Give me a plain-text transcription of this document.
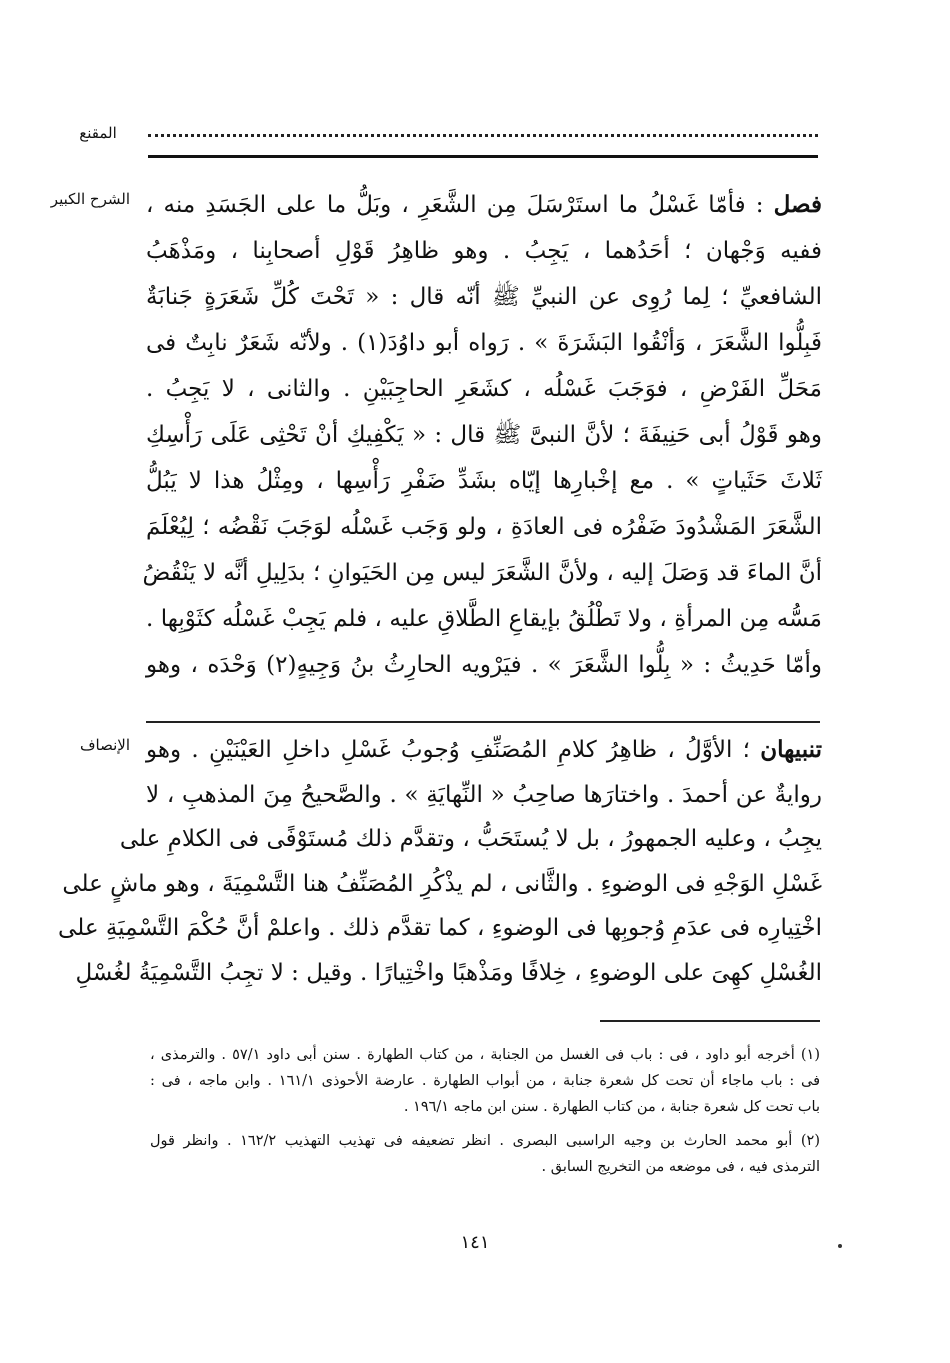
المقنع
الشرح الكبير	فصل : فأمّا غَسْلُ ما استَرْسَلَ مِن الشَّعَرِ ، وبَلُّ ما على الجَسَدِ منه ،
ففيه وَجْهان ؛ أحَدُهما ، يَجِبُ . وهو ظاهِرُ قَوْلِ أصحابِنا ، ومَذْهَبُ
الشافعيِّ ؛ لِما رُوِى عن النبيِّ ﷺ أنّه قال : « تَحْتَ كُلِّ شَعَرَةٍ جَنابَةٌ
فَبِلُّوا الشَّعَرَ ، وَأنْقُوا البَشَرَةَ » . رَواه أبو داوُدَ(١) . ولأنّه شَعَرٌ نابِتٌ فى
مَحَلِّ الفَرْضِ ، فوَجَبَ غَسْلُه ، كشَعَرِ الحاجِبَيْنِ . والثانى ، لا يَجِبُ .
وهو قَوْلُ أبى حَنِيفَةَ ؛ لأنَّ النبىَّ ﷺ قال : « يَكْفِيكِ أنْ تَحْثِى عَلَى رَأْسِكِ
ثَلاثَ حَثَياتٍ » . مع إخْبارِها إيّاه بشَدِّ ضَفْرِ رَأْسِها ، ومِثْلُ هذا لا يَبُلُّ
الشَّعَرَ المَشْدُودَ ضَفْرُه فى العادَةِ ، ولو وَجَب غَسْلُه لوَجَبَ نَقْضُه ؛ لِيُعْلَمَ
أنَّ الماءَ قد وَصَلَ إليه ، ولأنَّ الشَّعَرَ ليس مِن الحَيَوانِ ؛ بدَلِيلِ أنَّه لا يَنْقُضُ
مَسُّه مِن المرأةِ ، ولا تَطْلُقُ بإيقاعِ الطَّلاقِ عليه ، فلم يَجِبْ غَسْلُه كثَوْبِها .
وأمّا حَدِيثُ : « بِلُّوا الشَّعَرَ » . فيَرْويه الحارِثُ بنُ وَجِيهٍ(٢) وَحْدَه ، وهو
الإنصاف	تنبيهان ؛ الأوَّلُ ، ظاهِرُ كلامِ المُصَنِّفِ وُجوبُ غَسْلِ داخلِ العَيْنَيْنِ . وهو
روايةٌ عن أحمدَ . واختارَها صاحِبُ « النِّهايَةِ » . والصَّحيحُ مِنَ المذهبِ ، لا
يجِبُ ، وعليه الجمهورُ ، بل لا يُستَحَبُّ ، وتقدَّم ذلك مُستَوْفًى فى الكلامِ على
غَسْلِ الوَجْهِ فى الوضوءِ . والثَّانى ، لم يذْكُرِ المُصَنِّفُ هنا التَّسْمِيَةَ ، وهو ماشٍ على
اخْتِيارِه فى عدَمِ وُجوبِها فى الوضوءِ ، كما تقدَّم ذلك . واعلمْ أنَّ حُكْمَ التَّسْمِيَةِ على
الغُسْلِ كهِىَ على الوضوءِ ، خِلافًا ومَذْهبًا واخْتِيارًا . وقيل : لا تجِبُ التَّسْمِيَةُ لغُسْلِ
(١) أخرجه أبو داود ، فى : باب فى الغسل من الجنابة ، من كتاب الطهارة . سنن أبى داود ٥٧/١ . والترمذى ،
فى : باب ماجاء أن تحت كل شعرة جنابة ، من أبواب الطهارة . عارضة الأحوذى ١٦١/١ . وابن ماجه ، فى :
باب تحت كل شعرة جنابة ، من كتاب الطهارة . سنن ابن ماجه ١٩٦/١ .
(٢) أبو محمد الحارث بن وجيه الراسبى البصرى . انظر تضعيفه فى تهذيب التهذيب ١٦٢/٢ . وانظر قول
الترمذى فيه ، فى موضعه من التخريج السابق .
١٤١
